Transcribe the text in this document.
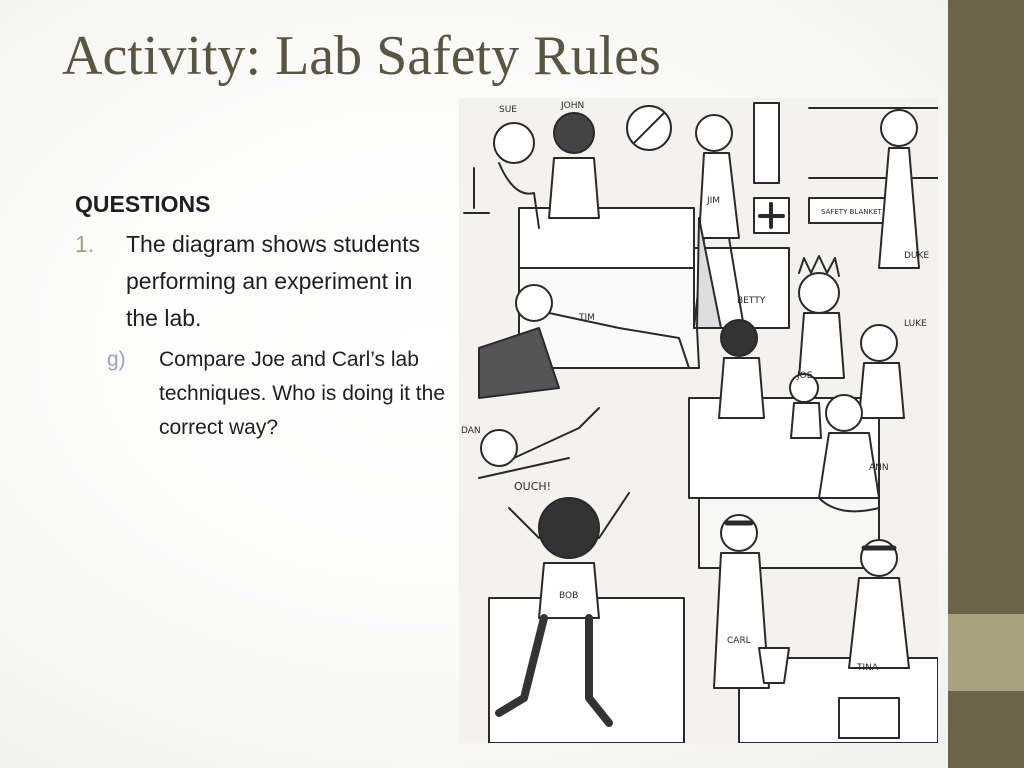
Activity: Lab Safety Rules
QUESTIONS
1. The diagram shows students performing an experiment in the lab.
g) Compare Joe and Carl’s lab techniques. Who is doing it the correct way?
SUE	JOHN
JIM
DUKE
SAFETY BLANKET
TIM
BETTY
LUKE
JOE
ANN
DAN
OUCH!
BOB
CARL
TINA
